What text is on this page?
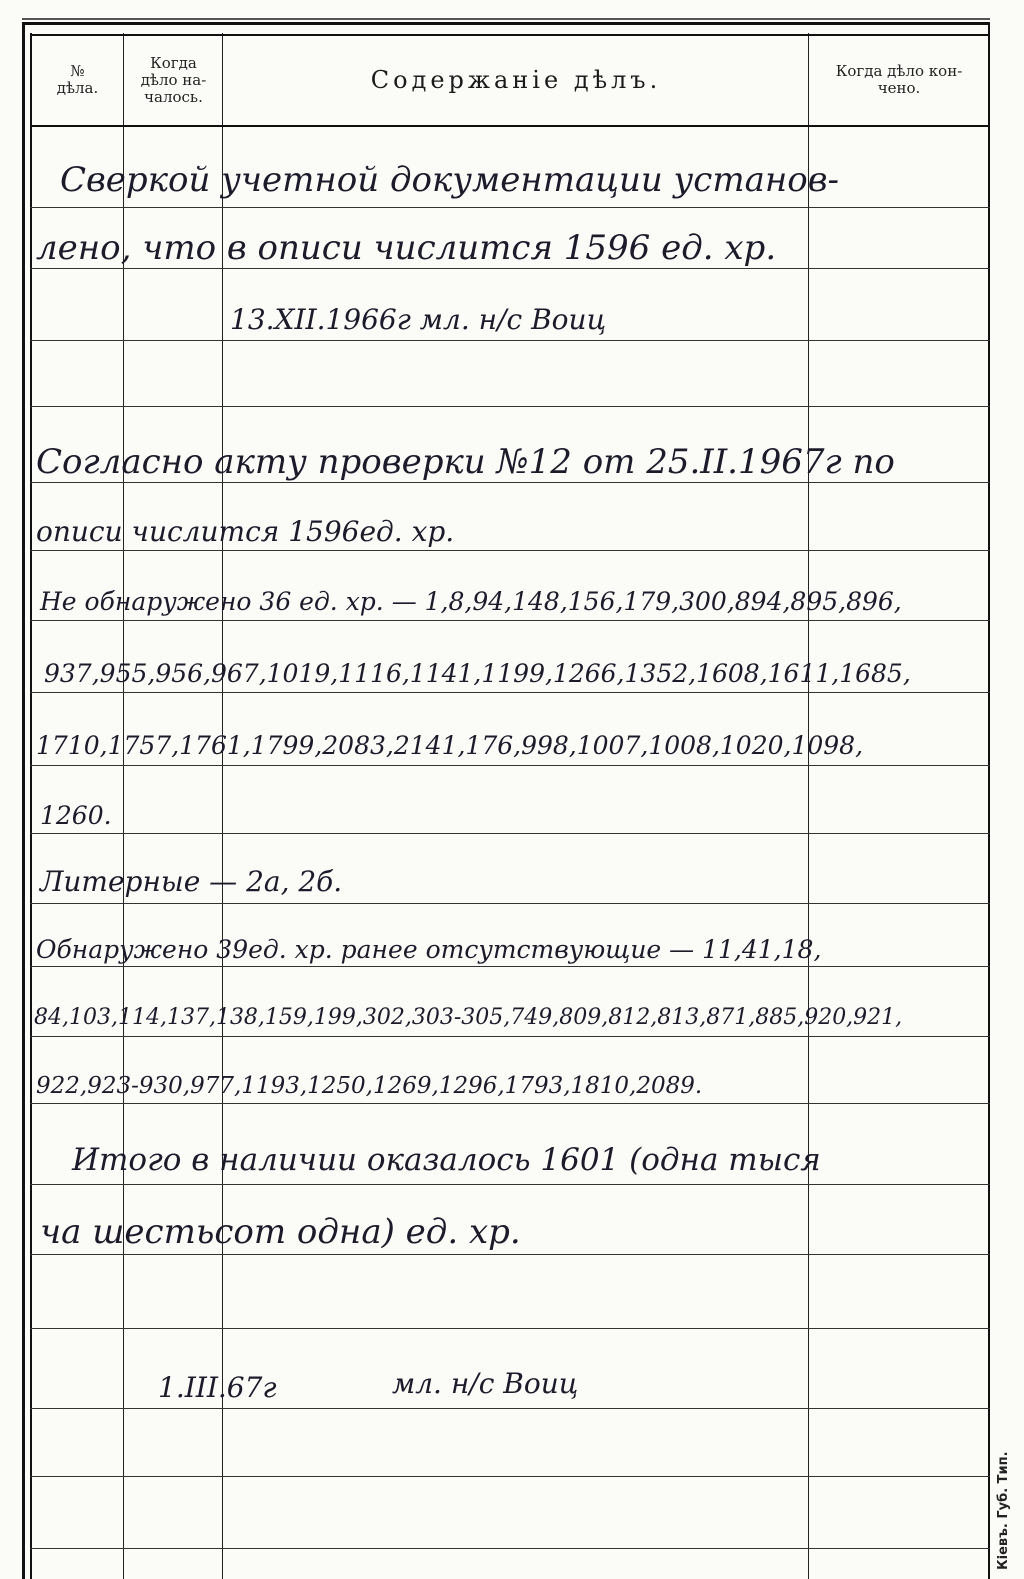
№
дѣла.
Когда
дѣло на-
чалось.
Содержаніе дѣлъ.	Когда дѣло кон-
чено.
Сверкой учетной документации установ-
лено, что в описи числится 1596 ед. хр.
13.XII.1966г мл. н/с Воиц
Согласно акту проверки №12 от 25.II.1967г по
описи числится 1596ед. хр.
Не обнаружено 36 ед. хр. — 1,8,94,148,156,179,300,894,895,896,
937,955,956,967,1019,1116,1141,1199,1266,1352,1608,1611,1685,
1710,1757,1761,1799,2083,2141,176,998,1007,1008,1020,1098,
1260.
Литерные — 2а, 2б.
Обнаружено 39ед. хр. ранее отсутствующие — 11,41,18,
84,103,114,137,138,159,199,302,303-305,749,809,812,813,871,885,920,921,
922,923-930,977,1193,1250,1269,1296,1793,1810,2089.
Итого в наличии оказалось 1601 (одна тыся
ча шестьсот одна) ед. хр.
1.III.67г	мл. н/с Воиц
Кіевъ. Губ. Тип.
